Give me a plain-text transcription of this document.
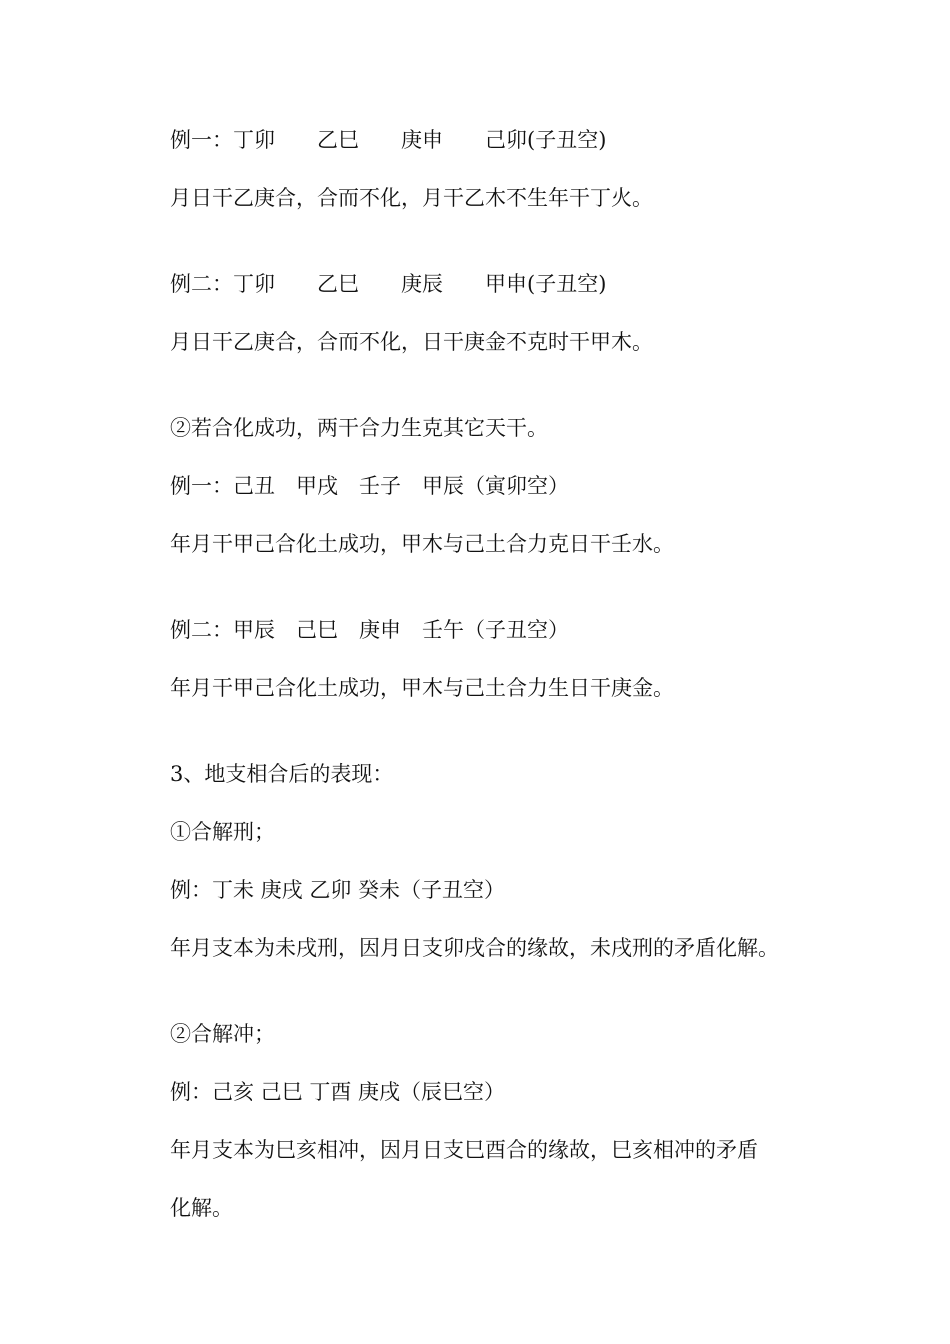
例一：丁卯　　乙巳　　庚申　　己卯(子丑空)
月日干乙庚合，合而不化，月干乙木不生年干丁火。
例二：丁卯　　乙巳　　庚辰　　甲申(子丑空)
月日干乙庚合，合而不化，日干庚金不克时干甲木。
②若合化成功，两干合力生克其它天干。
例一：己丑　甲戌　壬子　甲辰（寅卯空）
年月干甲己合化土成功，甲木与己土合力克日干壬水。
例二：甲辰　己巳　庚申　壬午（子丑空）
年月干甲己合化土成功，甲木与己土合力生日干庚金。
3、地支相合后的表现：
①合解刑；
例：丁未 庚戌 乙卯 癸未（子丑空）
年月支本为未戌刑，因月日支卯戌合的缘故，未戌刑的矛盾化解。
②合解冲；
例：己亥 己巳 丁酉 庚戌（辰巳空）
年月支本为巳亥相冲，因月日支巳酉合的缘故，巳亥相冲的矛盾
化解。
